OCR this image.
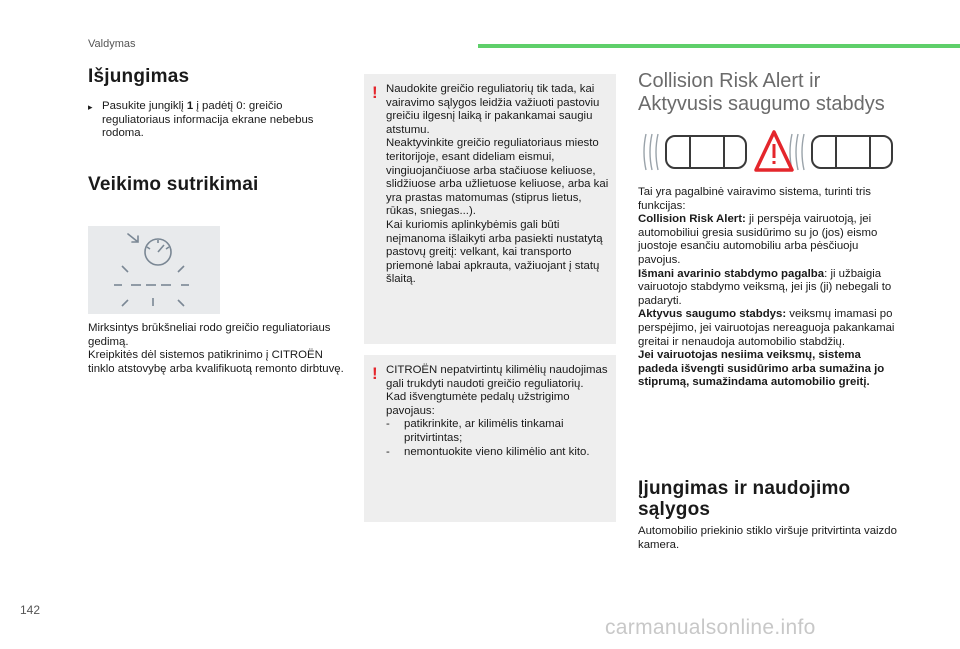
Valdymas
Išjungimas
▸ Pasukite jungiklį 1 į padėtį 0: greičio reguliatoriaus informacija ekrane nebebus rodoma.
Veikimo sutrikimai

Mirksintys brūkšneliai rodo greičio reguliatoriaus gedimą.

Kreipkitės dėl sistemos patikrinimo į CITROËN tinklo atstovybę arba kvalifikuotą remonto dirbtuvę.

! Naudokite greičio reguliatorių tik tada, kai vairavimo sąlygos leidžia važiuoti pastoviu greičiu ilgesnį laiką ir pakankamai saugiu atstumu.

Neaktyvinkite greičio reguliatoriaus miesto teritorijoje, esant dideliam eismui, vingiuojančiuose arba stačiuose keliuose, slidžiuose arba užlietuose keliuose, arba kai yra prastas matomumas (stiprus lietus, rūkas, sniegas...).

Kai kuriomis aplinkybėmis gali būti neįmanoma išlaikyti arba pasiekti nustatytą pastovų greitį: velkant, kai transporto priemonė labai apkrauta, važiuojant į statų šlaitą.

! CITROËN nepatvirtintų kilimėlių naudojimas gali trukdyti naudoti greičio reguliatorių.

Kad išvengtumėte pedalų užstrigimo pavojaus:

-	patikrinkite, ar kilimėlis tinkamai pritvirtintas;
-	nemontuokite vieno kilimėlio ant kito.
Collision Risk Alert ir
Aktyvusis saugumo stabdys

Tai yra pagalbinė vairavimo sistema, turinti tris funkcijas:

Collision Risk Alert: ji perspėja vairuotoją, jei automobiliui gresia susidūrimo su jo (jos) eismo juostoje esančiu automobiliu arba pėsčiuoju pavojus.

Išmani avarinio stabdymo pagalba: ji užbaigia vairuotojo stabdymo veiksmą, jei jis (ji) nebegali to padaryti.

Aktyvus saugumo stabdys: veiksmų imamasi po perspėjimo, jei vairuotojas nereaguoja pakankamai greitai ir nenaudoja automobilio stabdžių.

Jei vairuotojas nesiima veiksmų, sistema padeda išvengti susidūrimo arba sumažina jo stiprumą, sumažindama automobilio greitį.

Įjungimas ir naudojimo
sąlygos
Automobilio priekinio stiklo viršuje pritvirtinta vaizdo kamera.
142
carmanualsonline.info
